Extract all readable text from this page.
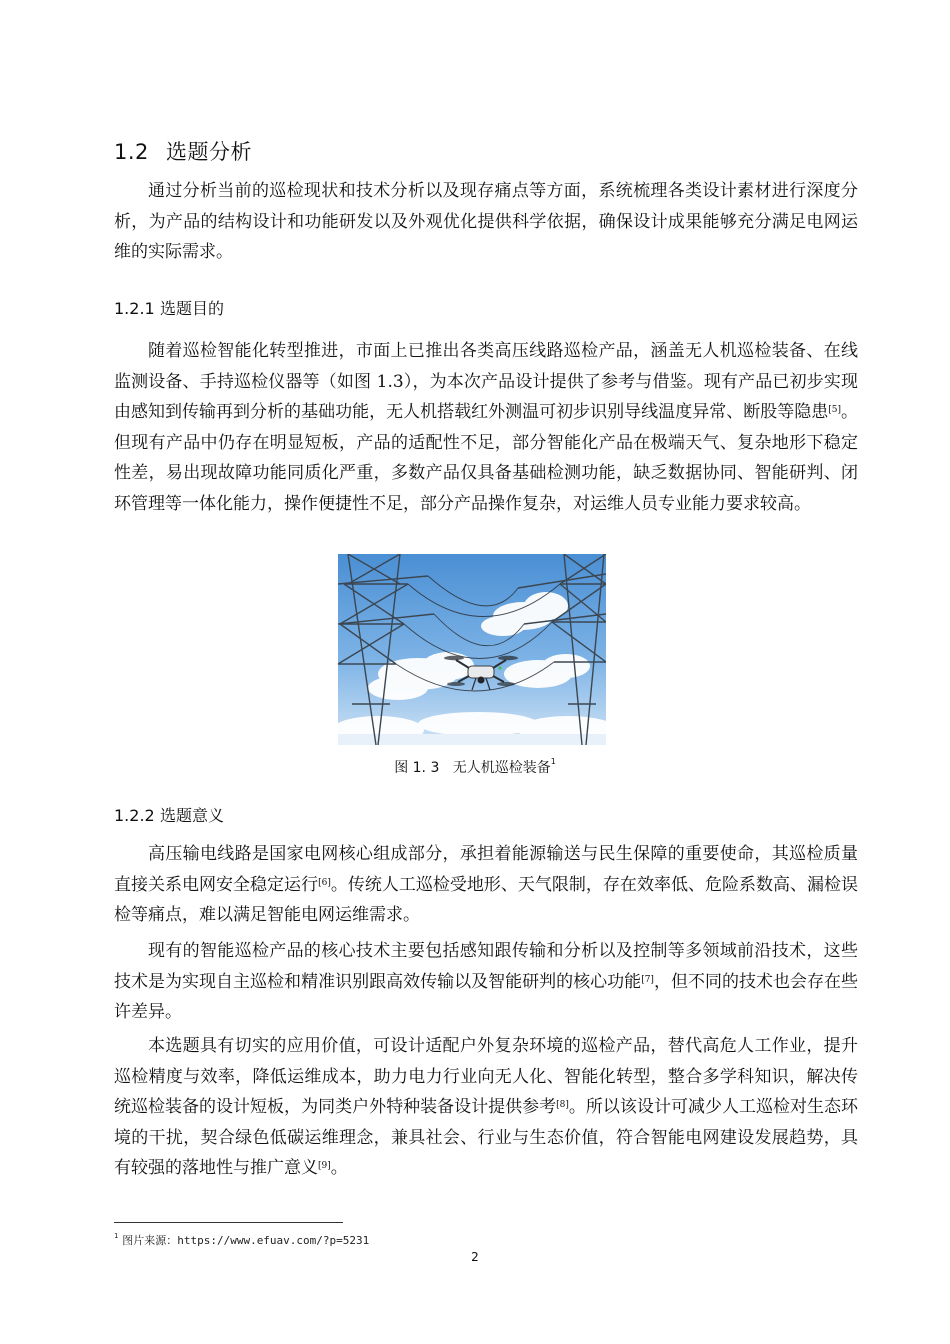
1.2 选题分析

通过分析当前的巡检现状和技术分析以及现存痛点等方面，系统梳理各类设计素材进行深度分析，为产品的结构设计和功能研发以及外观优化提供科学依据，确保设计成果能够充分满足电网运维的实际需求。

1.2.1 选题目的

随着巡检智能化转型推进，市面上已推出各类高压线路巡检产品，涵盖无人机巡检装备、在线监测设备、手持巡检仪器等（如图 1.3），为本次产品设计提供了参考与借鉴。现有产品已初步实现由感知到传输再到分析的基础功能，无人机搭载红外测温可初步识别导线温度异常、断股等隐患[5]。但现有产品中仍存在明显短板，产品的适配性不足，部分智能化产品在极端天气、复杂地形下稳定性差，易出现故障功能同质化严重，多数产品仅具备基础检测功能，缺乏数据协同、智能研判、闭环管理等一体化能力，操作便捷性不足，部分产品操作复杂，对运维人员专业能力要求较高。

图 1. 3 无人机巡检装备$^1$
1.2.2 选题意义

高压输电线路是国家电网核心组成部分，承担着能源输送与民生保障的重要使命，其巡检质量直接关系电网安全稳定运行[6]。传统人工巡检受地形、天气限制，存在效率低、危险系数高、漏检误检等痛点，难以满足智能电网运维需求。

现有的智能巡检产品的核心技术主要包括感知跟传输和分析以及控制等多领域前沿技术，这些技术是为实现自主巡检和精准识别跟高效传输以及智能研判的核心功能[7]，但不同的技术也会存在些许差异。

本选题具有切实的应用价值，可设计适配户外复杂环境的巡检产品，替代高危人工作业，提升巡检精度与效率，降低运维成本，助力电力行业向无人化、智能化转型，整合多学科知识，解决传统巡检装备的设计短板，为同类户外特种装备设计提供参考[8]。所以该设计可减少人工巡检对生态环境的干扰，契合绿色低碳运维理念，兼具社会、行业与生态价值，符合智能电网建设发展趋势，具有较强的落地性与推广意义[9]。

$^1$ 图片来源：https://www.efuav.com/?p=5231
2
